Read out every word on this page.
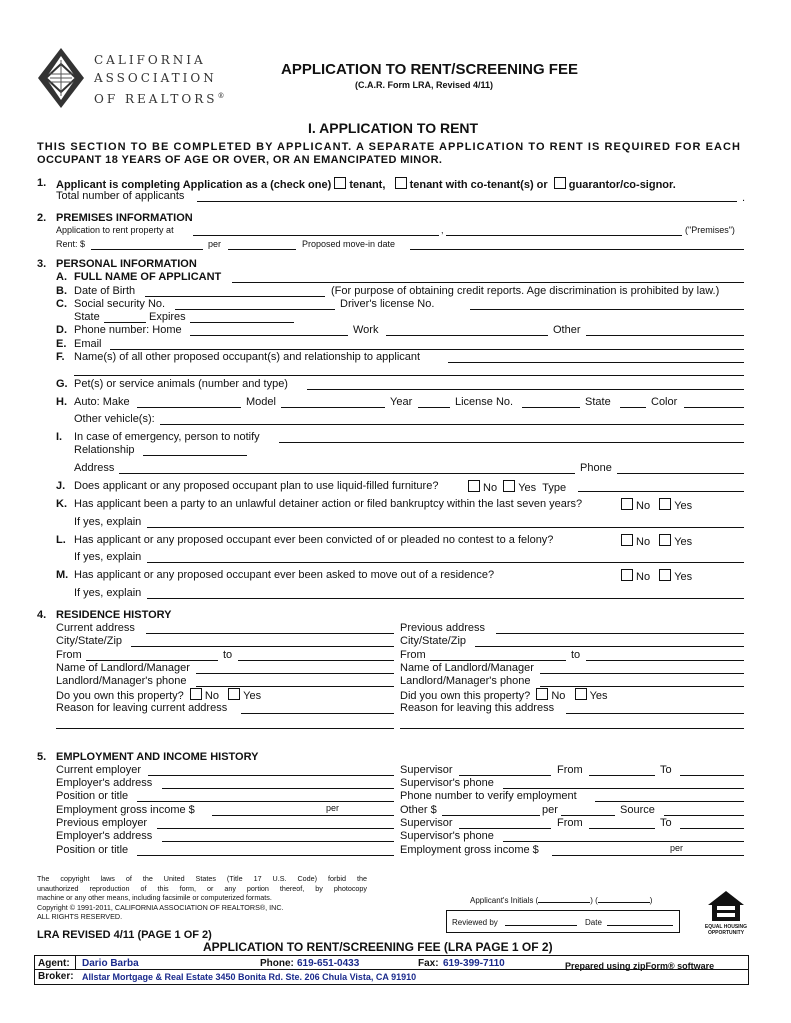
CALIFORNIA
ASSOCIATION
OF REALTORS®
APPLICATION TO RENT/SCREENING FEE
(C.A.R. Form LRA, Revised 4/11)
I. APPLICATION TO RENT
THIS SECTION TO BE COMPLETED BY APPLICANT. A SEPARATE APPLICATION TO RENT IS REQUIRED FOR EACH
OCCUPANT 18 YEARS OF AGE OR OVER, OR AN EMANCIPATED MINOR.
1. Applicant is completing Application as a (check one) tenant, tenant with co-tenant(s) or guarantor/co-signor.
Total number of applicants	.
2. PREMISES INFORMATION
Application to rent property at	,	("Premises")
Rent: $	per	Proposed move-in date
3. PERSONAL INFORMATION
A. FULL NAME OF APPLICANT
B. Date of Birth	(For purpose of obtaining credit reports. Age discrimination is prohibited by law.)
C. Social security No.	Driver's license No.
State	Expires
D. Phone number: Home	Work	Other
E. Email
F. Name(s) of all other proposed occupant(s) and relationship to applicant
G. Pet(s) or service animals (number and type)
H. Auto: Make	Model	Year	License No.	State	Color
Other vehicle(s):
I. In case of emergency, person to notify
Relationship
Address	Phone
J. Does applicant or any proposed occupant plan to use liquid-filled furniture?	No Yes Type
K. Has applicant been a party to an unlawful detainer action or filed bankruptcy within the last seven years?	No Yes
If yes, explain
L. Has applicant or any proposed occupant ever been convicted of or pleaded no contest to a felony?	No Yes
If yes, explain
M. Has applicant or any proposed occupant ever been asked to move out of a residence?	No Yes
If yes, explain
4. RESIDENCE HISTORY
Current address	Previous address
City/State/Zip	City/State/Zip
From	to	From	to
Name of Landlord/Manager	Name of Landlord/Manager
Landlord/Manager's phone	Landlord/Manager's phone
Do you own this property? No Yes	Did you own this property? No Yes
Reason for leaving current address	Reason for leaving this address
5. EMPLOYMENT AND INCOME HISTORY
Current employer	Supervisor	From	To
Employer's address	Supervisor's phone
Position or title	Phone number to verify employment
Employment gross income $	per	Other $	per	Source
Previous employer	Supervisor	From	To
Employer's address	Supervisor's phone
Position or title	Employment gross income $	per
The copyright laws of the United States (Title 17 U.S. Code) forbid the
unauthorized reproduction of this form, or any portion thereof, by photocopy
machine or any other means, including facsimile or computerized formats.
Copyright © 1991-2011, CALIFORNIA ASSOCIATION OF REALTORS®, INC.
ALL RIGHTS RESERVED.
Applicant's Initials (	) (	)
Reviewed by	Date	EQUAL HOUSING
OPPORTUNITY
LRA REVISED 4/11 (PAGE 1 OF 2)
APPLICATION TO RENT/SCREENING FEE (LRA PAGE 1 OF 2)
Agent: Dario Barba	Phone: 619-651-0433	Fax: 619-399-7110	Prepared using zipForm® software
Broker: Allstar Mortgage & Real Estate 3450 Bonita Rd. Ste. 206 Chula Vista, CA 91910
